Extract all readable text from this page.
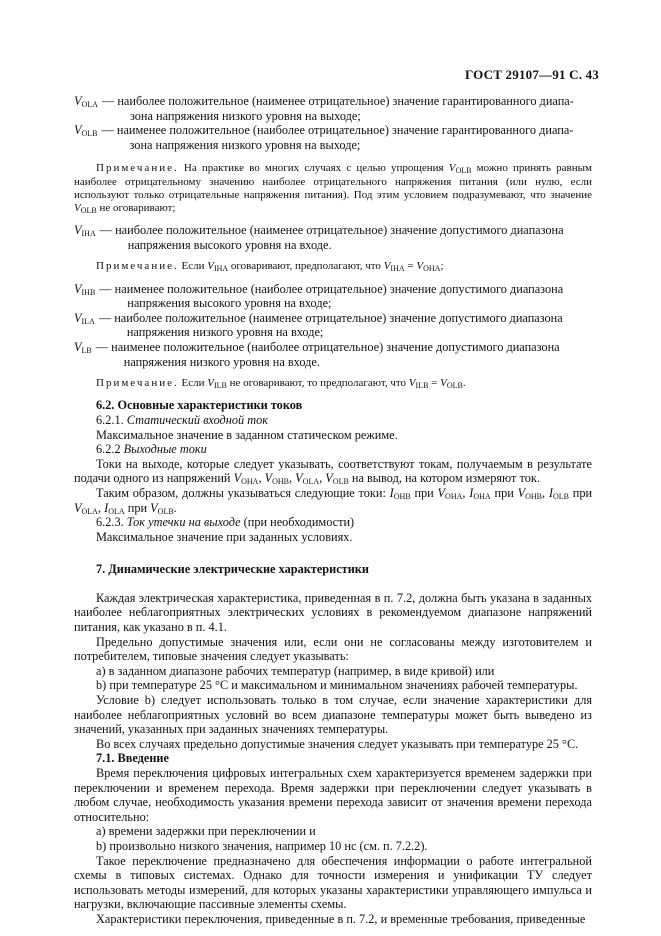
ГОСТ 29107—91 С. 43
$V_{OLA}$ — наиболее положительное (наименее отрицательное) значение гарантированного диапа-
зона напряжения низкого уровня на выходе;
$V_{OLB}$ — наименее положительное (наиболее отрицательное) значение гарантированного диапа-
зона напряжения низкого уровня на выходе;

Примечание. На практике во многих случаях с целью упрощения $V_{OLB}$ можно принять равным наиболее отрицательному значению наиболее отрицательного напряжения питания (или нулю, если используют только отрицательные напряжения питания). Под этим условием подразумевают, что значение $V_{OLB}$ не оговаривают;

$V_{IHA}$ — наиболее положительное (наименее отрицательное) значение допустимого диапазона
напряжения высокого уровня на входе.

Примечание. Если $V_{IHA}$ оговаривают, предполагают, что $V_{IHA} = V_{OHA}$;

$V_{IHB}$ — наименее положительное (наиболее отрицательное) значение допустимого диапазона
напряжения высокого уровня на входе;
$V_{ILA}$ — наиболее положительное (наименее отрицательное) значение допустимого диапазона
напряжения низкого уровня на входе;
$V_{LB}$ — наименее положительное (наиболее отрицательное) значение допустимого диапазона
напряжения низкого уровня на входе.

Примечание. Если $V_{ILB}$ не оговаривают, то предполагают, что $V_{ILB} = V_{OLB}$.

6.2. Основные характеристики токов

6.2.1. Статический входной ток

Максимальное значение в заданном статическом режиме.

6.2.2 Выходные токи

Токи на выходе, которые следует указывать, соответствуют токам, получаемым в результате подачи одного из напряжений $V_{OHA}$, $V_{OHB}$, $V_{OLA}$, $V_{OLB}$ на вывод, на котором измеряют ток.

Таким образом, должны указываться следующие токи: $I_{OHB}$ при $V_{OHA}$, $I_{OHA}$ при $V_{OHB}$, $I_{OLB}$ при $V_{OLA}$, $I_{OLA}$ при $V_{OLB}$.

6.2.3. Ток утечки на выходе (при необходимости)

Максимальное значение при заданных условиях.

7. Динамические электрические характеристики

Каждая электрическая характеристика, приведенная в п. 7.2, должна быть указана в заданных наиболее неблагоприятных электрических условиях в рекомендуемом диапазоне напряжений питания, как указано в п. 4.1.

Предельно допустимые значения или, если они не согласованы между изготовителем и потребителем, типовые значения следует указывать:

a) в заданном диапазоне рабочих температур (например, в виде кривой) или

b) при температуре 25 °С и максимальном и минимальном значениях рабочей температуры.

Условие b) следует использовать только в том случае, если значение характеристики для наиболее неблагоприятных условий во всем диапазоне температуры может быть выведено из значений, указанных при заданных значениях температуры.

Во всех случаях предельно допустимые значения следует указывать при температуре 25 °С.

7.1. Введение

Время переключения цифровых интегральных схем характеризуется временем задержки при переключении и временем перехода. Время задержки при переключении следует указывать в любом случае, необходимость указания времени перехода зависит от значения времени перехода относительно:

a) времени задержки при переключении и

b) произвольно низкого значения, например 10 нс (см. п. 7.2.2).

Такое переключение предназначено для обеспечения информации о работе интегральной схемы в типовых системах. Однако для точности измерения и унификации ТУ следует использовать методы измерений, для которых указаны характеристики управляющего импульса и нагрузки, включающие пассивные элементы схемы.

Характеристики переключения, приведенные в п. 7.2, и временные требования, приведенные
